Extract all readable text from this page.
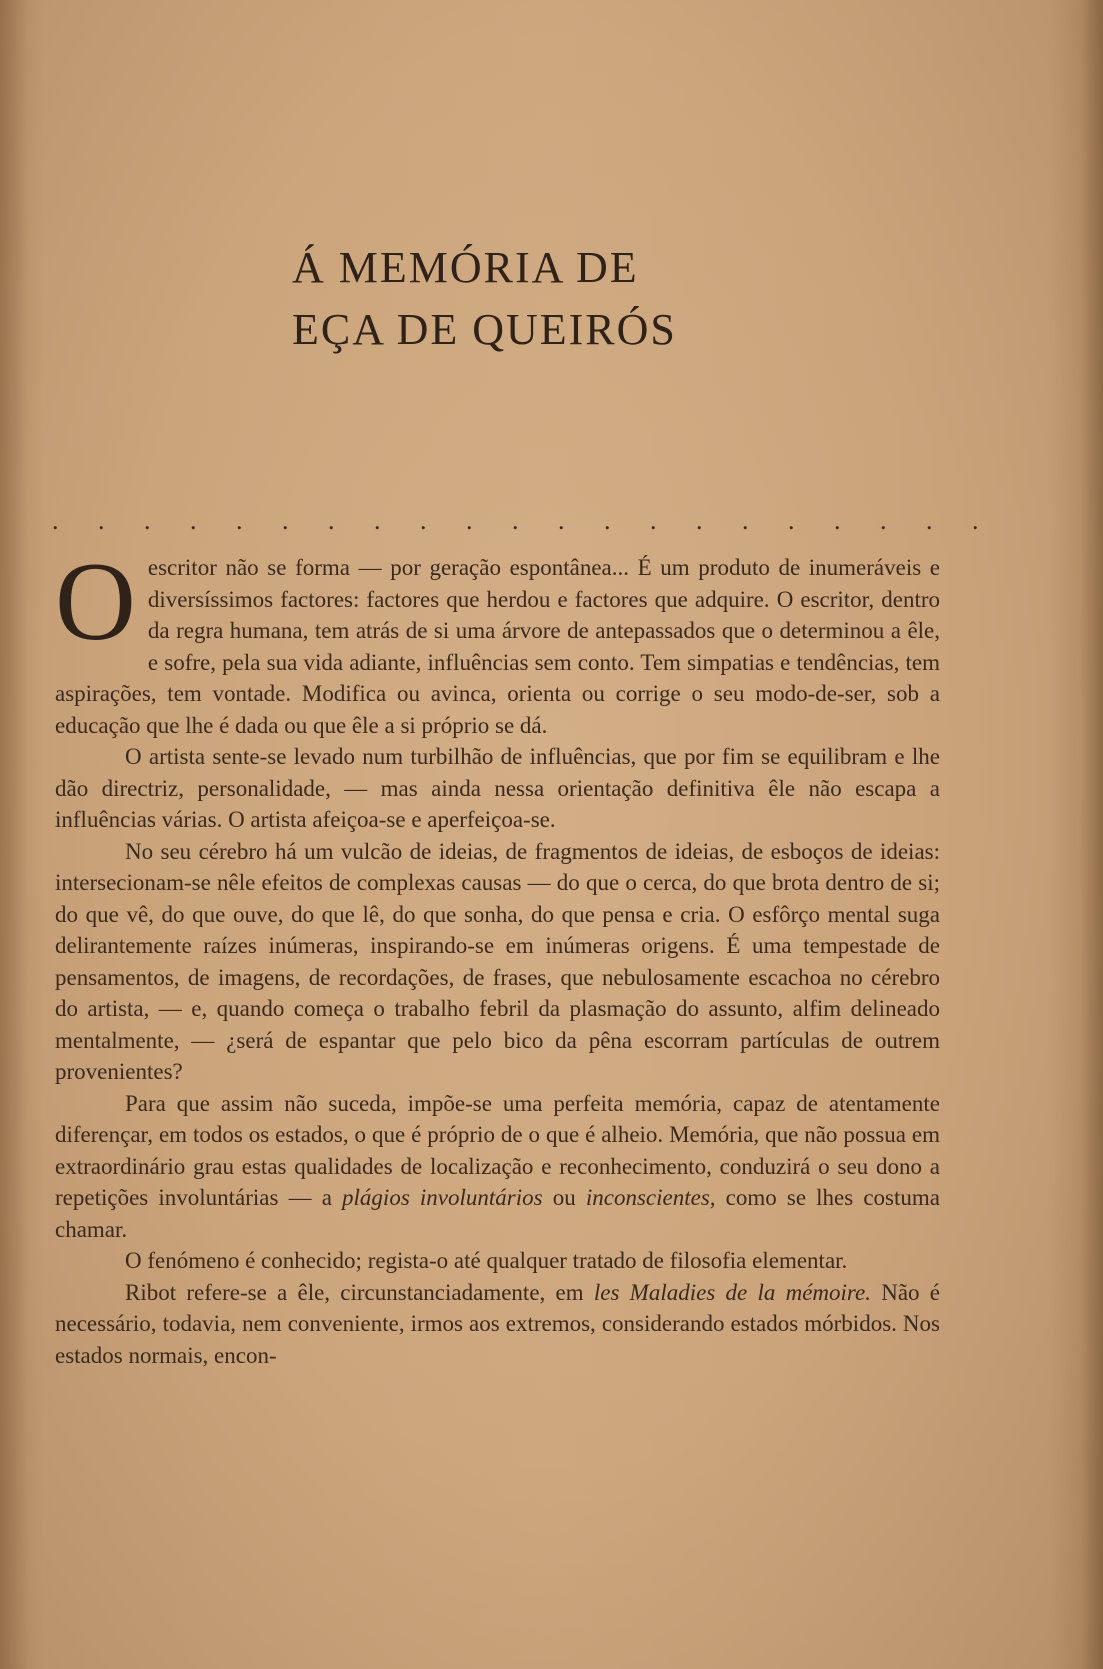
Á MEMÓRIA DE
EÇA DE QUEIRÓS
. . . . . . . . . . . . . . . . . . . . .

Oescritor não se forma — por geração espontânea... É um produto de inumeráveis e diversíssimos factores: factores que herdou e factores que adquire. O escritor, dentro da regra humana, tem atrás de si uma árvore de antepassados que o determinou a êle, e sofre, pela sua vida adiante, influências sem conto. Tem simpatias e tendências, tem aspirações, tem vontade. Modifica ou avinca, orienta ou corrige o seu modo-de-ser, sob a educação que lhe é dada ou que êle a si próprio se dá.

O artista sente-se levado num turbilhão de influências, que por fim se equilibram e lhe dão directriz, personalidade, — mas ainda nessa orientação definitiva êle não escapa a influências várias. O artista afeiçoa-se e aperfeiçoa-se.

No seu cérebro há um vulcão de ideias, de fragmentos de ideias, de esboços de ideias: intersecionam-se nêle efeitos de complexas causas — do que o cerca, do que brota dentro de si; do que vê, do que ouve, do que lê, do que sonha, do que pensa e cria. O esfôrço mental suga delirantemente raízes inúmeras, inspirando-se em inúmeras origens. É uma tempestade de pensamentos, de imagens, de recordações, de frases, que nebulosamente escachoa no cérebro do artista, — e, quando começa o trabalho febril da plasmação do assunto, alfim delineado mentalmente, — ¿será de espantar que pelo bico da pêna escorram partículas de outrem provenientes?

Para que assim não suceda, impõe-se uma perfeita memória, capaz de atentamente diferençar, em todos os estados, o que é próprio de o que é alheio. Memória, que não possua em extraordinário grau estas qualidades de localização e reconhecimento, conduzirá o seu dono a repetições involuntárias — a plágios involuntários ou inconscientes, como se lhes costuma chamar.

O fenómeno é conhecido; regista-o até qualquer tratado de filosofia elementar.

Ribot refere-se a êle, circunstanciadamente, em les Maladies de la mémoire. Não é necessário, todavia, nem conveniente, irmos aos extremos, considerando estados mórbidos. Nos estados normais, encon-
